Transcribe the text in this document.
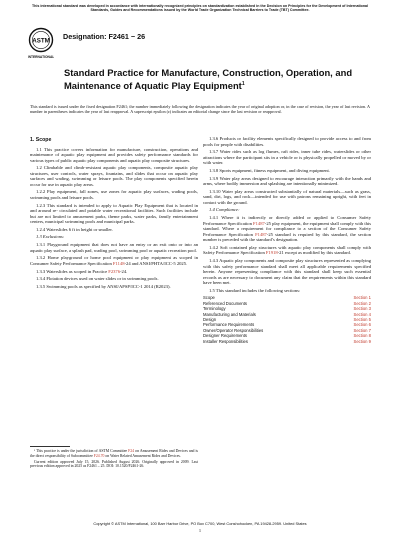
This international standard was developed in accordance with internationally recognized principles on standardization established in the Decision on Principles for the Development of International Standards, Guides and Recommendations issued by the World Trade Organization Technical Barriers to Trade (TBT) Committee.
ASTM
INTERNATIONAL
Designation: F2461 − 26
Standard Practice for Manufacture, Construction, Operation, and Maintenance of Aquatic Play Equipment$^1$
This standard is issued under the fixed designation F2461; the number immediately following the designation indicates the year of original adoption or, in the case of revision, the year of last revision. A number in parentheses indicates the year of last reapproval. A superscript epsilon (ε) indicates an editorial change since the last revision or reapproval.

1. Scope

1.1 This practice covers information for manufacture, construction, operations and maintenance of aquatic play equipment and provides safety performance standards for various types of public aquatic play components and aquatic play composite structures.

1.2 Climbable and climb-resistant aquatic play components, composite aquatic play structures, user controls, water sprays, fountains, and slides that occur on aquatic play surfaces and wading, swimming or leisure pools. The play components specified herein occur for use in aquatic play areas.

1.2.2 Play equipment, fall zones, use zones for aquatic play surfaces, wading pools, swimming pools and leisure pools.

1.2.3 This standard is intended to apply to Aquatic Play Equipment that is located in and around re- circulated and potable water recreational facilities. Such facilities include but are not limited to amusement parks, theme parks, water parks, family entertainment centers, municipal swimming pools and municipal parks.

1.2.4 Waterslides 6 ft in height or smaller.

1.3 Exclusions:

1.3.1 Playground equipment that does not have an entry or an exit onto or into an aquatic play surface, a splash pad, wading pool, swimming pool or aquatic recreation pool.

1.3.2 Home playground or home pool equipment or play equipment as scoped in Consumer Safety Performance Specification F1148-24 and ANSI/PHTA/ICC-5 2025.

1.3.3 Waterslides as scoped in Practice F2376-24.

1.3.4 Flotation devices used on water slides or in swimming pools.

1.3.5 Swimming pools as specified by ANSI/APSP/ICC-1 2014 (R2023).

¹ This practice is under the jurisdiction of ASTM Committee F24 on Amusement Rides and Devices and is the direct responsibility of Subcommittee F24.70 on Water Related Amusement Rides and Devices.

Current edition approved July 15, 2026. Published August 2026. Originally approved in 2009. Last previous edition approved in 2025 as F2461 – 25. DOI: 10.1520/F2461-26.

1.3.6 Products or facility elements specifically designed to provide access to and from pools for people with disabilities.

1.3.7 Water rides such as log flumes, raft rides, inner tube rides, waterslides or other attractions where the participant sits in a vehicle or is physically propelled or moved by or with water.

1.3.8 Sports equipment, fitness equipment, and diving equipment.

1.3.9 Water play areas designed to encourage interaction primarily with the hands and arms, where bodily immersion and splashing are intentionally minimized.

1.3.10 Water play areas constructed substantially of natural materials—such as grass, sand, dirt, logs, and rock—intended for use with patrons remaining upright, with feet in contact with the ground.

1.4 Compliance:

1.4.1 Where it is indirectly or directly added or applied to Consumer Safety Performance Specification F1487-25 play equipment, the equipment shall comply with this standard. Where a requirement for compliance to a section of the Consumer Safety Performance Specification F1487-25 standard is required by this standard, the section number is preceded with the standard’s designation.

1.4.2 Soft contained play structures with aquatic play components shall comply with Safety Performance Specification F1918-21 except as modified by this standard.

1.4.3 Aquatic play components and composite play structures represented as complying with this safety performance standard shall meet all applicable requirements specified herein. Anyone representing compliance with this standard shall keep such essential records as are necessary to document any claim that the requirements within this standard have been met.

1.5 This standard includes the following sections:

Scope	Section 1
Referenced Documents	Section 2
Terminology	Section 3
Manufacturing and Materials	Section 4
Design	Section 5
Performance Requirements	Section 6
Owner/Operator Responsibilities	Section 7
Designer Requirements	Section 8
Installer Responsibilities	Section 9
Copyright © ASTM International, 100 Barr Harbor Drive, PO Box C700, West Conshohocken, PA 19428-2959. United States
1
